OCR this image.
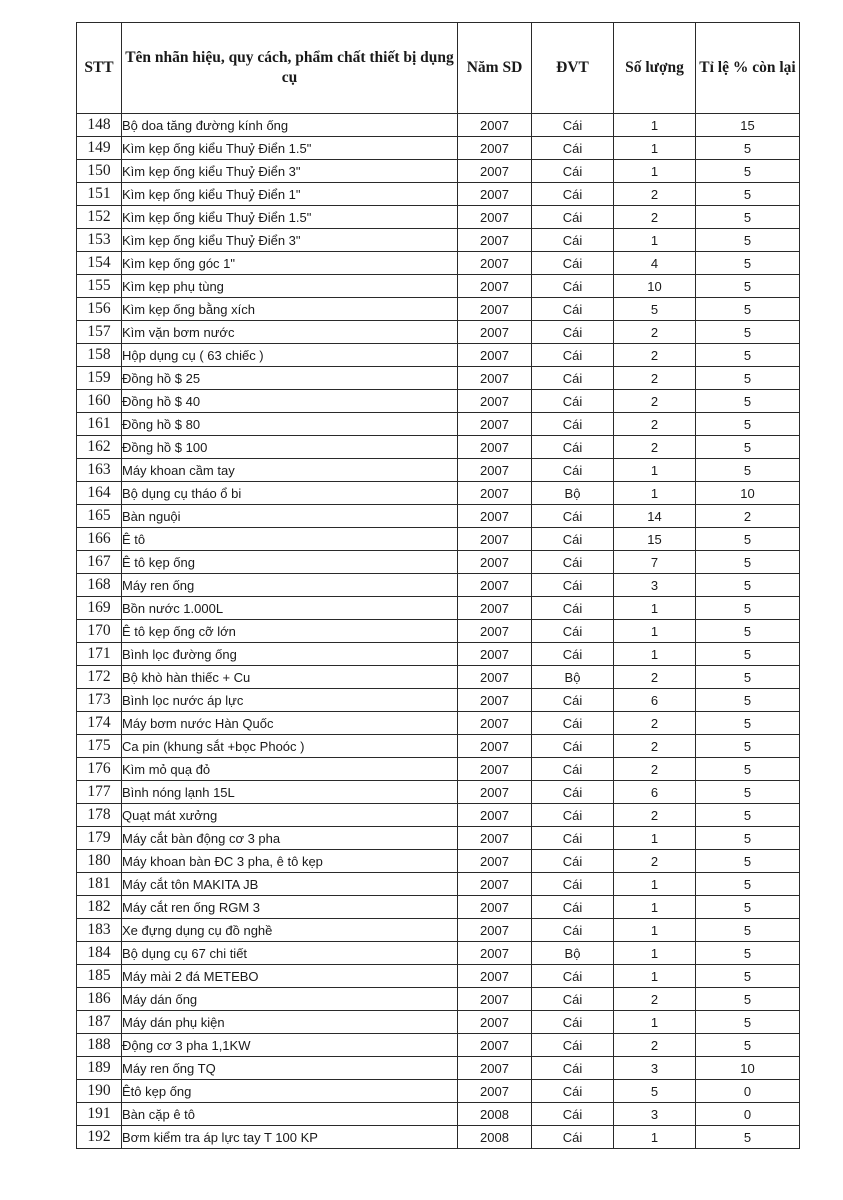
STT	Tên nhãn hiệu, quy cách, phẩm chất thiết bị dụng cụ	Năm SD	ĐVT	Số lượng	Tỉ lệ % còn lại
148	Bộ doa tăng đường kính ống	2007	Cái	1	15
149	Kìm kẹp ống kiểu Thuỷ Điển 1.5"	2007	Cái	1	5
150	Kìm kẹp ống kiểu Thuỷ Điển 3"	2007	Cái	1	5
151	Kìm kẹp ống kiểu Thuỷ Điển 1"	2007	Cái	2	5
152	Kìm kẹp ống kiểu Thuỷ Điển 1.5"	2007	Cái	2	5
153	Kìm kẹp ống kiểu Thuỷ Điển 3"	2007	Cái	1	5
154	Kìm kẹp ống góc 1"	2007	Cái	4	5
155	Kìm kẹp phụ tùng	2007	Cái	10	5
156	Kìm kẹp ống bằng xích	2007	Cái	5	5
157	Kìm vặn bơm nước	2007	Cái	2	5
158	Hộp dụng cụ ( 63 chiếc )	2007	Cái	2	5
159	Đồng hồ $ 25	2007	Cái	2	5
160	Đồng hồ $ 40	2007	Cái	2	5
161	Đồng hồ $ 80	2007	Cái	2	5
162	Đồng hồ $ 100	2007	Cái	2	5
163	Máy khoan cầm tay	2007	Cái	1	5
164	Bộ dụng cụ tháo ổ bi	2007	Bộ	1	10
165	Bàn nguội	2007	Cái	14	2
166	Ê tô	2007	Cái	15	5
167	Ê tô kẹp ống	2007	Cái	7	5
168	Máy ren ống	2007	Cái	3	5
169	Bồn nước 1.000L	2007	Cái	1	5
170	Ê tô kẹp ống cỡ lớn	2007	Cái	1	5
171	Bình lọc đường ống	2007	Cái	1	5
172	Bộ khò hàn thiếc + Cu	2007	Bộ	2	5
173	Bình lọc nước áp lực	2007	Cái	6	5
174	Máy bơm nước Hàn Quốc	2007	Cái	2	5
175	Ca pin (khung sắt +bọc Phoóc )	2007	Cái	2	5
176	Kìm mỏ quạ đỏ	2007	Cái	2	5
177	Bình nóng lạnh 15L	2007	Cái	6	5
178	Quạt mát xưởng	2007	Cái	2	5
179	Máy cắt bàn động cơ 3 pha	2007	Cái	1	5
180	Máy khoan bàn ĐC 3 pha, ê tô kẹp	2007	Cái	2	5
181	Máy cắt tôn MAKITA JB	2007	Cái	1	5
182	Máy cắt ren ống RGM 3	2007	Cái	1	5
183	Xe đựng dụng cụ đồ nghề	2007	Cái	1	5
184	Bộ dụng cụ 67 chi tiết	2007	Bộ	1	5
185	Máy mài 2 đá METEBO	2007	Cái	1	5
186	Máy dán ống	2007	Cái	2	5
187	Máy dán phụ kiện	2007	Cái	1	5
188	Động cơ 3 pha 1,1KW	2007	Cái	2	5
189	Máy ren ống TQ	2007	Cái	3	10
190	Êtô kẹp ống	2007	Cái	5	0
191	Bàn cặp ê tô	2008	Cái	3	0
192	Bơm kiểm tra áp lực tay T 100 KP	2008	Cái	1	5
